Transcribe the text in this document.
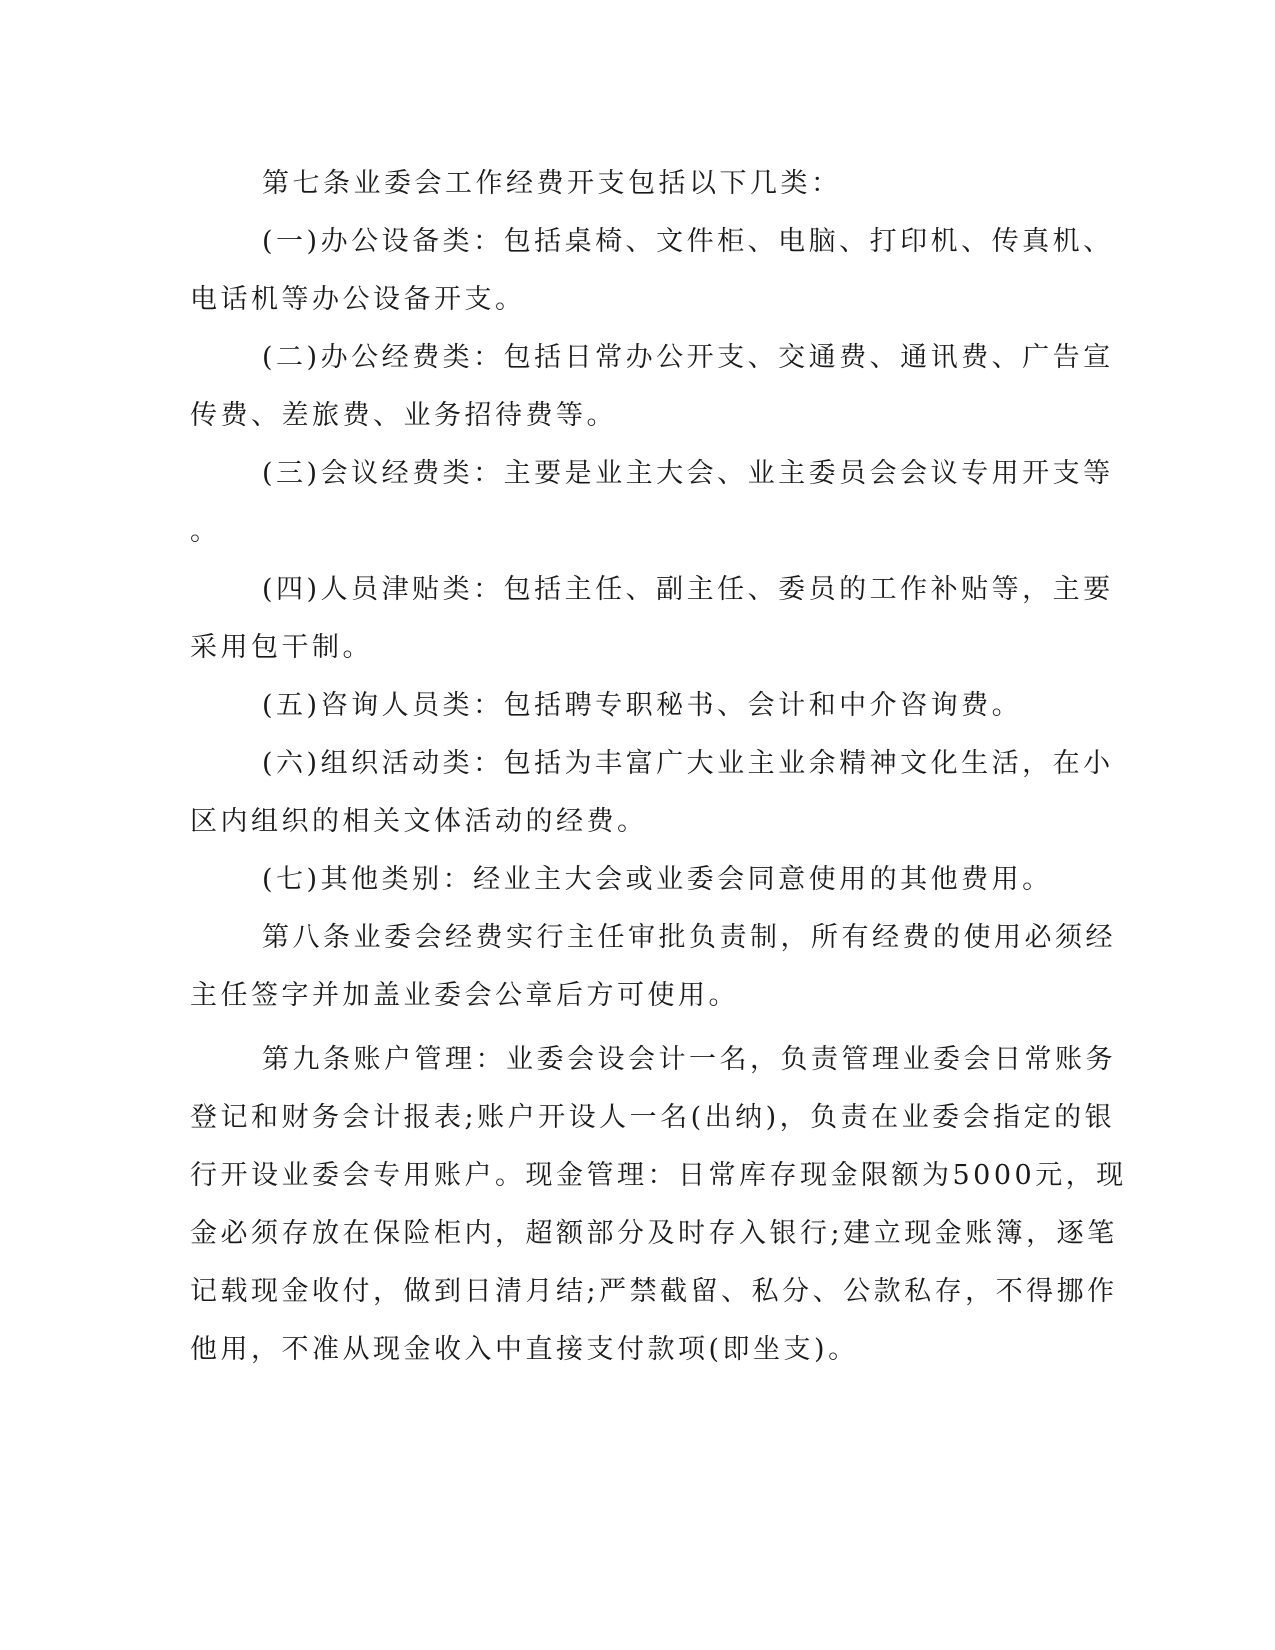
第七条业委会工作经费开支包括以下几类：

(一)办公设备类：包括桌椅、文件柜、电脑、打印机、传真机、

电话机等办公设备开支。

(二)办公经费类：包括日常办公开支、交通费、通讯费、广告宣

传费、差旅费、业务招待费等。

(三)会议经费类：主要是业主大会、业主委员会会议专用开支等

。

(四)人员津贴类：包括主任、副主任、委员的工作补贴等，主要

采用包干制。

(五)咨询人员类：包括聘专职秘书、会计和中介咨询费。

(六)组织活动类：包括为丰富广大业主业余精神文化生活，在小

区内组织的相关文体活动的经费。

(七)其他类别：经业主大会或业委会同意使用的其他费用。

第八条业委会经费实行主任审批负责制，所有经费的使用必须经

主任签字并加盖业委会公章后方可使用。

第九条账户管理：业委会设会计一名，负责管理业委会日常账务

登记和财务会计报表;账户开设人一名(出纳)，负责在业委会指定的银

行开设业委会专用账户。现金管理：日常库存现金限额为5000元，现

金必须存放在保险柜内，超额部分及时存入银行;建立现金账簿，逐笔

记载现金收付，做到日清月结;严禁截留、私分、公款私存，不得挪作

他用，不准从现金收入中直接支付款项(即坐支)。
